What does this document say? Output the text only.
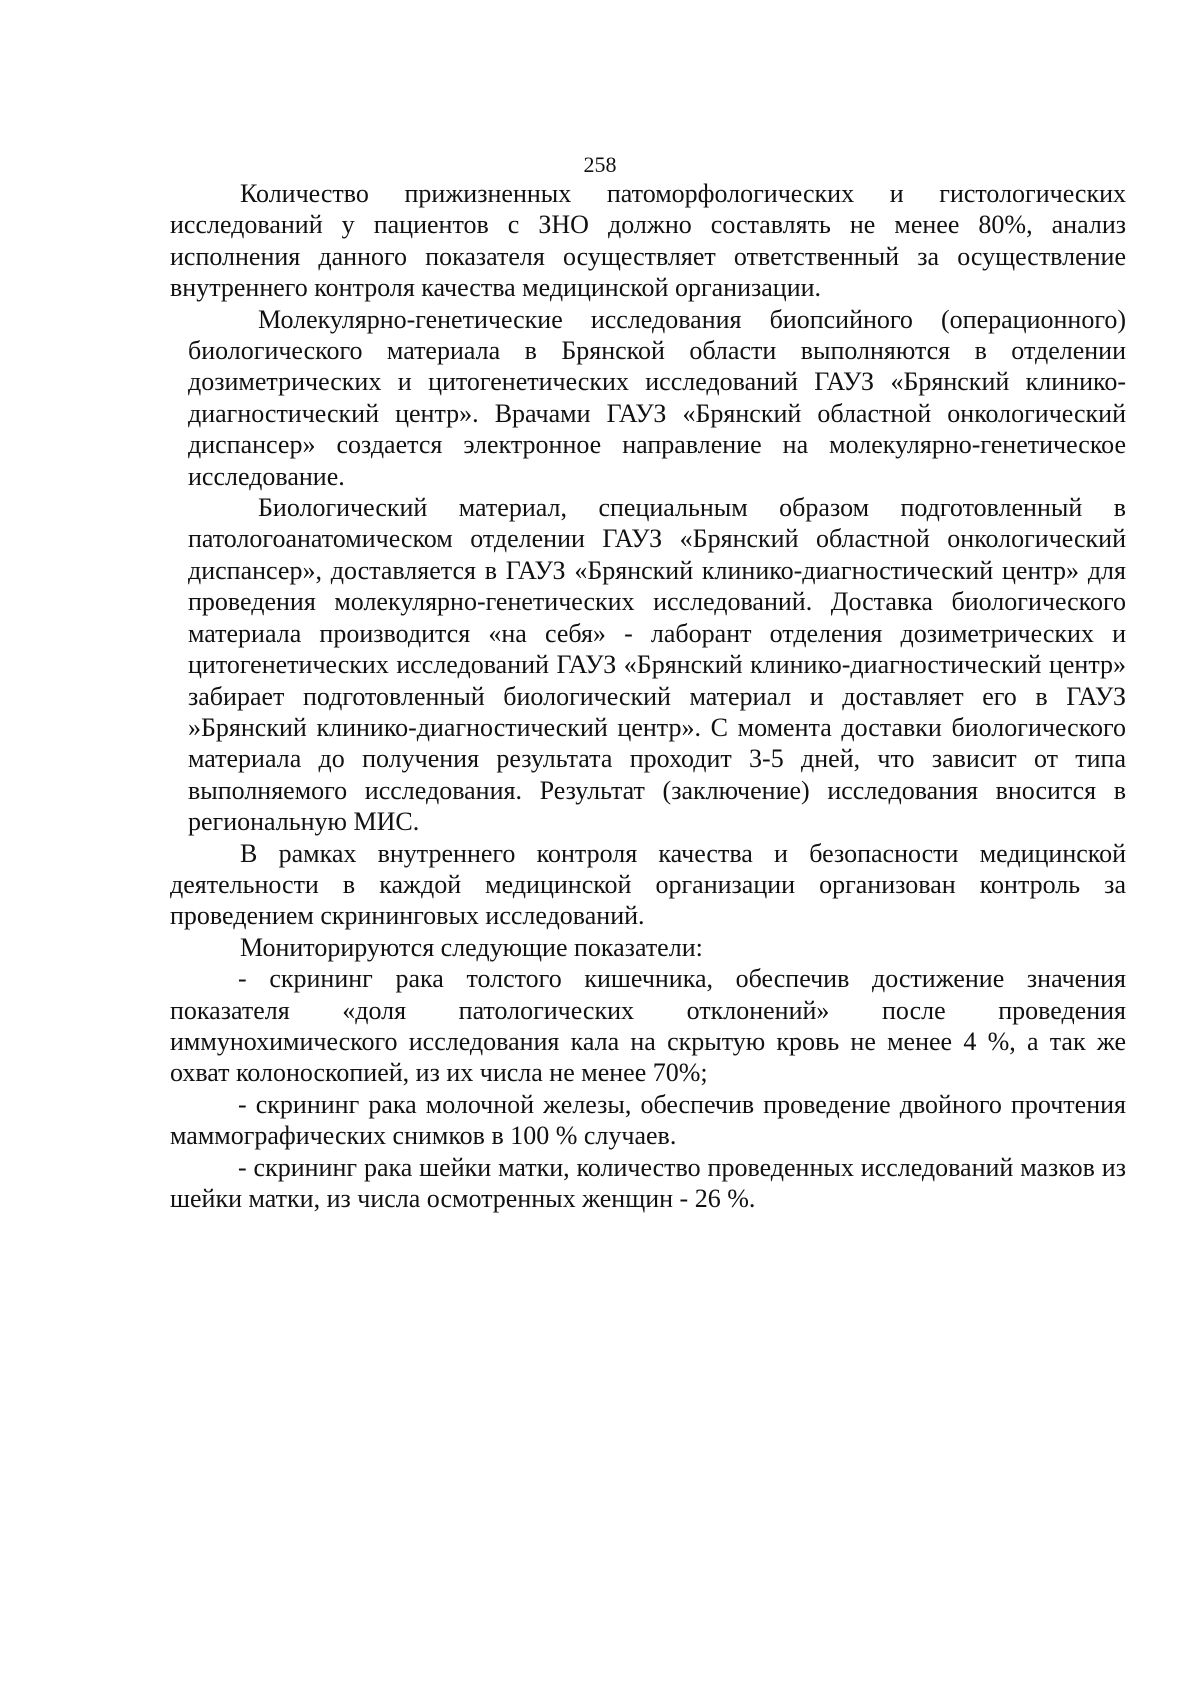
258

Количество прижизненных патоморфологических и гистологических исследований у пациентов с ЗНО должно составлять не менее 80%, анализ исполнения данного показателя осуществляет ответственный за осуществление внутреннего контроля качества медицинской организации.

Молекулярно-генетические исследования биопсийного (операционного) биологического материала в Брянской области выполняются в отделении дозиметрических и цитогенетических исследований ГАУЗ «Брянский клинико-диагностический центр». Врачами ГАУЗ «Брянский областной онкологический диспансер» создается электронное направление на молекулярно-генетическое исследование.

Биологический материал, специальным образом подготовленный в патологоанатомическом отделении ГАУЗ «Брянский областной онкологический диспансер», доставляется в ГАУЗ «Брянский клинико-диагностический центр» для проведения молекулярно-генетических исследований. Доставка биологического материала производится «на себя» - лаборант отделения дозиметрических и цитогенетических исследований ГАУЗ «Брянский клинико-диагностический центр» забирает подготовленный биологический материал и доставляет его в ГАУЗ »Брянский клинико-диагностический центр». С момента доставки биологического материала до получения результата проходит 3-5 дней, что зависит от типа выполняемого исследования. Результат (заключение) исследования вносится в региональную МИС.

В рамках внутреннего контроля качества и безопасности медицинской деятельности в каждой медицинской организации организован контроль за проведением скрининговых исследований.

Мониторируются следующие показатели:

- скрининг рака толстого кишечника, обеспечив достижение значения показателя «доля патологических отклонений» после проведения иммунохимического исследования кала на скрытую кровь не менее 4 %, а так же охват колоноскопией, из их числа не менее 70%;

- скрининг рака молочной железы, обеспечив проведение двойного прочтения маммографических снимков в 100 % случаев.

- скрининг рака шейки матки, количество проведенных исследований мазков из шейки матки, из числа осмотренных женщин - 26 %.
